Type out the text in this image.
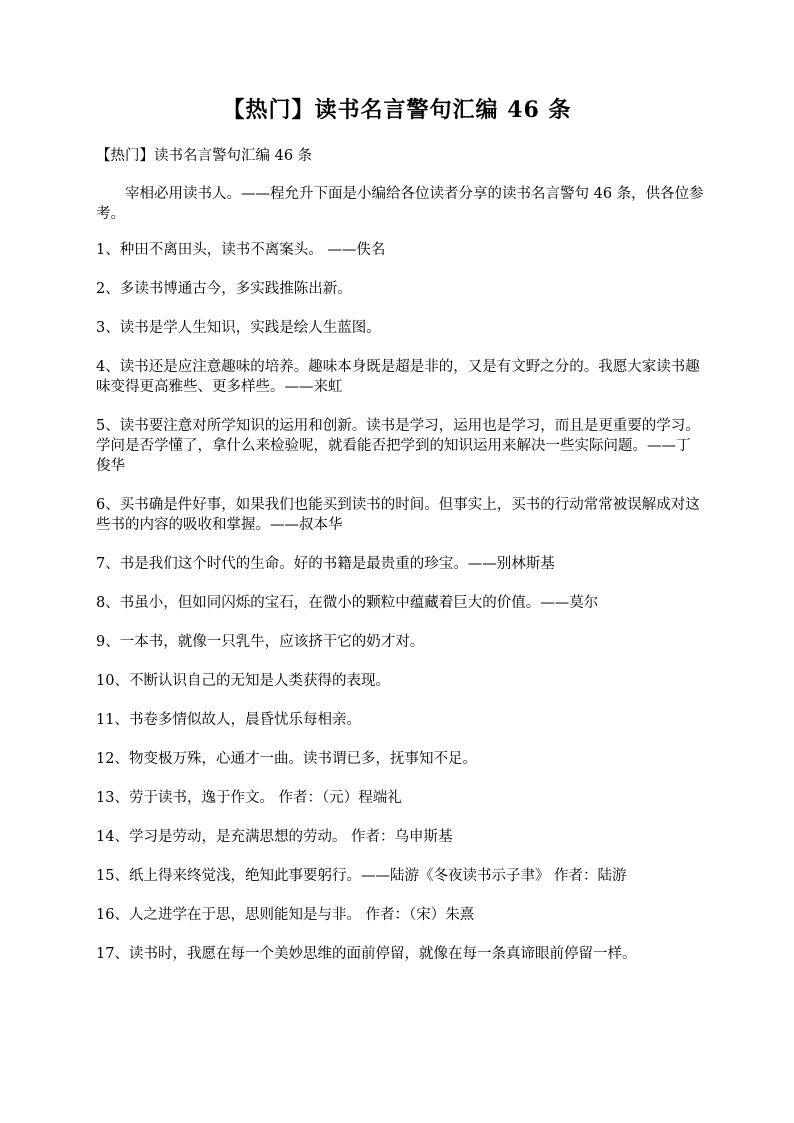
【热门】读书名言警句汇编 46 条

【热门】读书名言警句汇编 46 条

宰相必用读书人。——程允升下面是小编给各位读者分享的读书名言警句 46 条，供各位参考。

1、种田不离田头，读书不离案头。 ——佚名

2、多读书博通古今，多实践推陈出新。

3、读书是学人生知识，实践是绘人生蓝图。

4、读书还是应注意趣味的培养。趣味本身既是超是非的，又是有文野之分的。我愿大家读书趣味变得更高雅些、更多样些。——来虹

5、读书要注意对所学知识的运用和创新。读书是学习，运用也是学习，而且是更重要的学习。学问是否学懂了，拿什么来检验呢，就看能否把学到的知识运用来解决一些实际问题。——丁俊华

6、买书确是件好事，如果我们也能买到读书的时间。但事实上，买书的行动常常被误解成对这些书的内容的吸收和掌握。——叔本华

7、书是我们这个时代的生命。好的书籍是最贵重的珍宝。——别林斯基

8、书虽小，但如同闪烁的宝石，在微小的颗粒中蕴藏着巨大的价值。——莫尔

9、一本书，就像一只乳牛，应该挤干它的奶才对。

10、不断认识自己的无知是人类获得的表现。

11、书卷多情似故人，晨昏忧乐每相亲。

12、物变极万殊，心通才一曲。读书谓已多，抚事知不足。

13、劳于读书，逸于作文。 作者：（元）程端礼

14、学习是劳动，是充满思想的劳动。 作者：乌申斯基

15、纸上得来终觉浅，绝知此事要躬行。——陆游《冬夜读书示子聿》 作者：陆游

16、人之进学在于思，思则能知是与非。 作者：（宋）朱熹

17、读书时，我愿在每一个美妙思维的面前停留，就像在每一条真谛眼前停留一样。
